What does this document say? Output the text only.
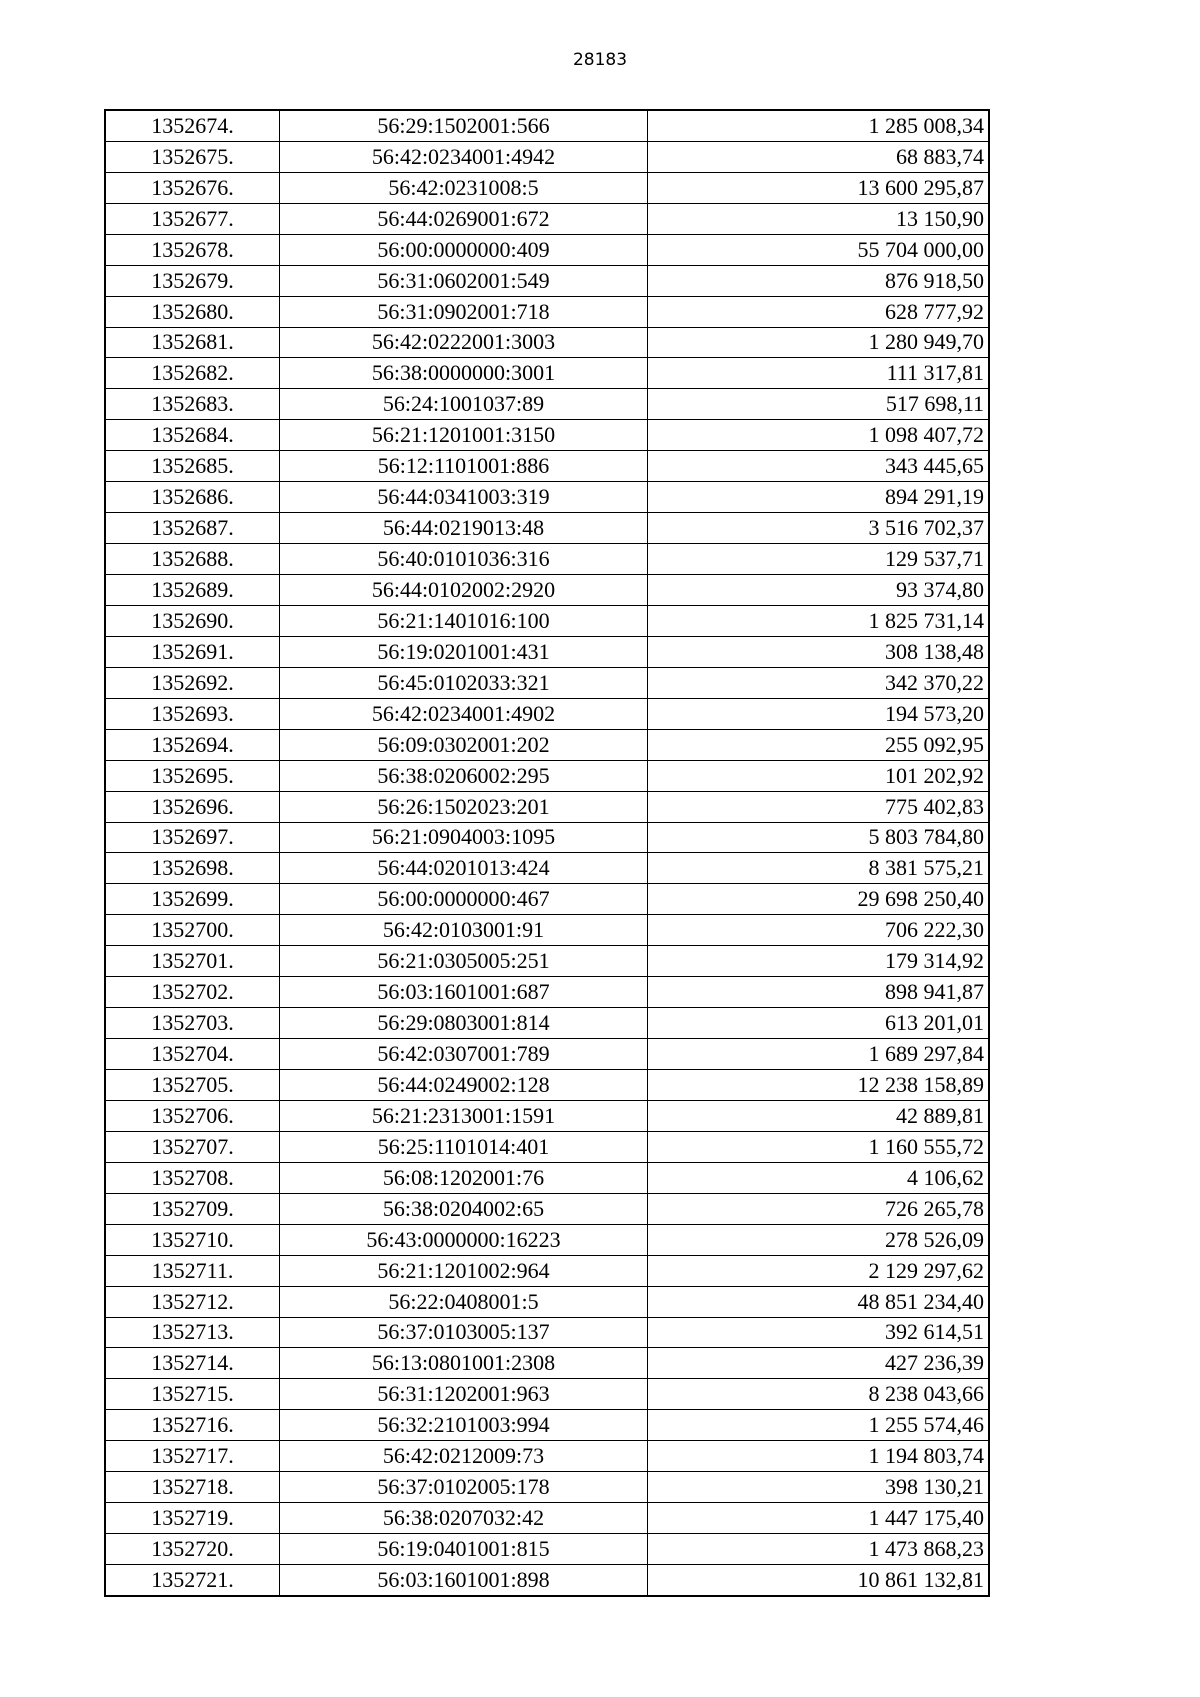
28183
1352674.	56:29:1502001:566	1 285 008,34
1352675.	56:42:0234001:4942	68 883,74
1352676.	56:42:0231008:5	13 600 295,87
1352677.	56:44:0269001:672	13 150,90
1352678.	56:00:0000000:409	55 704 000,00
1352679.	56:31:0602001:549	876 918,50
1352680.	56:31:0902001:718	628 777,92
1352681.	56:42:0222001:3003	1 280 949,70
1352682.	56:38:0000000:3001	111 317,81
1352683.	56:24:1001037:89	517 698,11
1352684.	56:21:1201001:3150	1 098 407,72
1352685.	56:12:1101001:886	343 445,65
1352686.	56:44:0341003:319	894 291,19
1352687.	56:44:0219013:48	3 516 702,37
1352688.	56:40:0101036:316	129 537,71
1352689.	56:44:0102002:2920	93 374,80
1352690.	56:21:1401016:100	1 825 731,14
1352691.	56:19:0201001:431	308 138,48
1352692.	56:45:0102033:321	342 370,22
1352693.	56:42:0234001:4902	194 573,20
1352694.	56:09:0302001:202	255 092,95
1352695.	56:38:0206002:295	101 202,92
1352696.	56:26:1502023:201	775 402,83
1352697.	56:21:0904003:1095	5 803 784,80
1352698.	56:44:0201013:424	8 381 575,21
1352699.	56:00:0000000:467	29 698 250,40
1352700.	56:42:0103001:91	706 222,30
1352701.	56:21:0305005:251	179 314,92
1352702.	56:03:1601001:687	898 941,87
1352703.	56:29:0803001:814	613 201,01
1352704.	56:42:0307001:789	1 689 297,84
1352705.	56:44:0249002:128	12 238 158,89
1352706.	56:21:2313001:1591	42 889,81
1352707.	56:25:1101014:401	1 160 555,72
1352708.	56:08:1202001:76	4 106,62
1352709.	56:38:0204002:65	726 265,78
1352710.	56:43:0000000:16223	278 526,09
1352711.	56:21:1201002:964	2 129 297,62
1352712.	56:22:0408001:5	48 851 234,40
1352713.	56:37:0103005:137	392 614,51
1352714.	56:13:0801001:2308	427 236,39
1352715.	56:31:1202001:963	8 238 043,66
1352716.	56:32:2101003:994	1 255 574,46
1352717.	56:42:0212009:73	1 194 803,74
1352718.	56:37:0102005:178	398 130,21
1352719.	56:38:0207032:42	1 447 175,40
1352720.	56:19:0401001:815	1 473 868,23
1352721.	56:03:1601001:898	10 861 132,81
